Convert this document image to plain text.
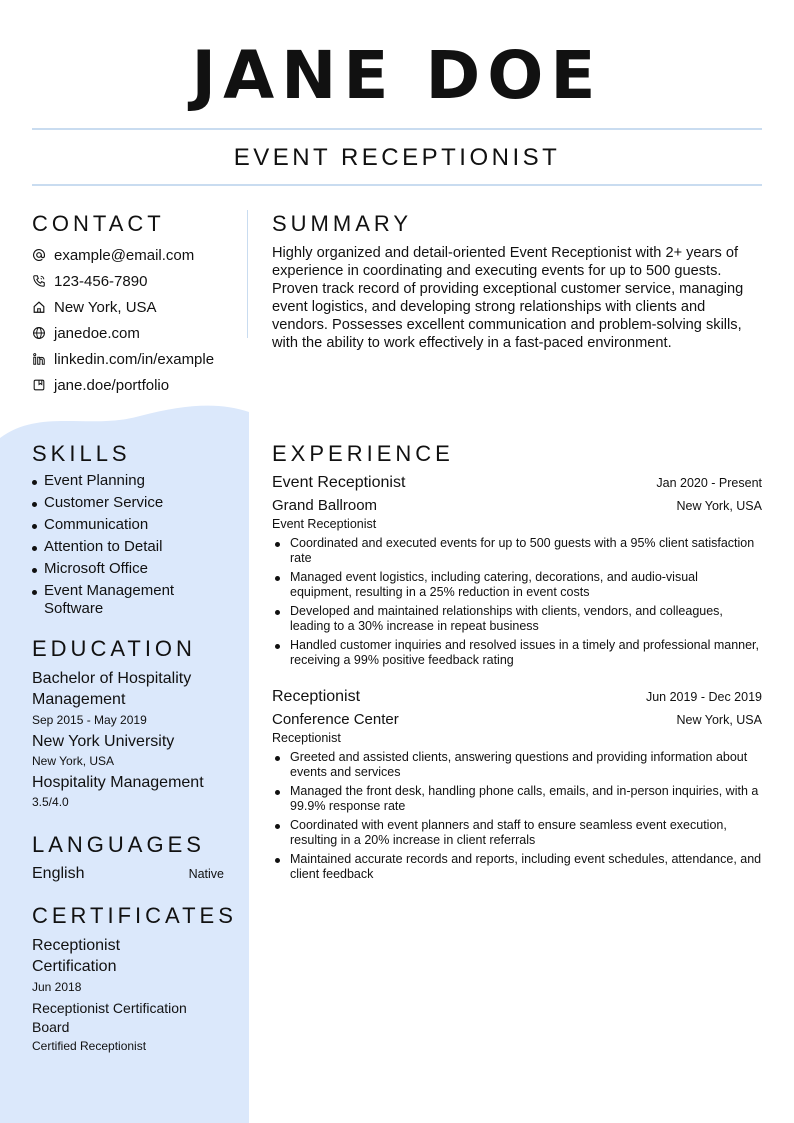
JANE DOE
EVENT RECEPTIONIST
CONTACT
example@email.com
123-456-7890
New York, USA
janedoe.com
linkedin.com/in/example
jane.doe/portfolio
SKILLS
Event Planning
Customer Service
Communication
Attention to Detail
Microsoft Office
Event Management Software
EDUCATION
Bachelor of Hospitality Management
Sep 2015 - May 2019
New York University
New York, USA
Hospitality Management
3.5/4.0
LANGUAGES
English	Native
CERTIFICATES
Receptionist Certification
Jun 2018
Receptionist Certification Board
Certified Receptionist
SUMMARY
Highly organized and detail-oriented Event Receptionist with 2+ years of experience in coordinating and executing events for up to 500 guests. Proven track record of providing exceptional customer service, managing event logistics, and developing strong relationships with clients and vendors. Possesses excellent communication and problem-solving skills, with the ability to work effectively in a fast-paced environment.
EXPERIENCE
Event Receptionist	Jan 2020 - Present
Grand Ballroom	New York, USA
Event Receptionist
Coordinated and executed events for up to 500 guests with a 95% client satisfaction rate
Managed event logistics, including catering, decorations, and audio-visual equipment, resulting in a 25% reduction in event costs
Developed and maintained relationships with clients, vendors, and colleagues, leading to a 30% increase in repeat business
Handled customer inquiries and resolved issues in a timely and professional manner, receiving a 99% positive feedback rating
Receptionist	Jun 2019 - Dec 2019
Conference Center	New York, USA
Receptionist
Greeted and assisted clients, answering questions and providing information about events and services
Managed the front desk, handling phone calls, emails, and in-person inquiries, with a 99.9% response rate
Coordinated with event planners and staff to ensure seamless event execution, resulting in a 20% increase in client referrals
Maintained accurate records and reports, including event schedules, attendance, and client feedback
